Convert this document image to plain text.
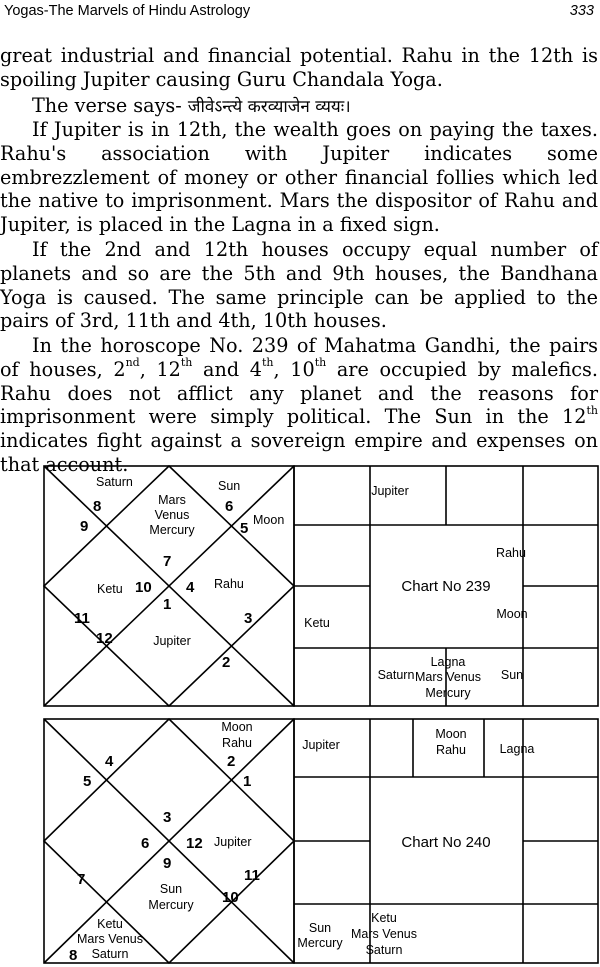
Yogas-The Marvels of Hindu Astrology	333
great industrial and financial potential. Rahu in the 12th is
spoiling Jupiter causing Guru Chandala Yoga.
The verse says- जीवेऽन्त्ये करव्याजेन व्ययः।
If Jupiter is in 12th, the wealth goes on paying the taxes. Rahu's association with Jupiter indicates some embrezzlement of money or other financial follies which led the native to imprisonment. Mars the dispositor of Rahu and Jupiter, is placed in the Lagna in a fixed sign.
If the 2nd and 12th houses occupy equal number of planets and so are the 5th and 9th houses, the Bandhana Yoga is caused. The same principle can be applied to the pairs of 3rd, 11th and 4th, 10th houses.
In the horoscope No. 239 of Mahatma Gandhi, the pairs of houses, 2nd, 12th and 4th, 10th are occupied by malefics. Rahu does not afflict any planet and the reasons for imprisonment were simply political. The Sun in the 12th indicates fight against a sovereign empire and expenses on that account.
8
9
6
5
7
10 4
1
11	3
12
2
Saturn
Mars
Venus
Mercury
Sun
Moon
Ketu	Rahu
Jupiter
Chart No 239
Jupiter
Rahu
Moon
Ketu
Saturn
Lagna
Mars Venus
Mercury
Sun
4
5
2
1
3
6 12
9
7	11
10
8
Moon
Rahu
Jupiter
Sun
Mercury
Ketu
Mars Venus
Saturn
Chart No 240
Jupiter
Moon
Rahu	Lagna
Sun
Mercury
Ketu
Mars Venus
Saturn
